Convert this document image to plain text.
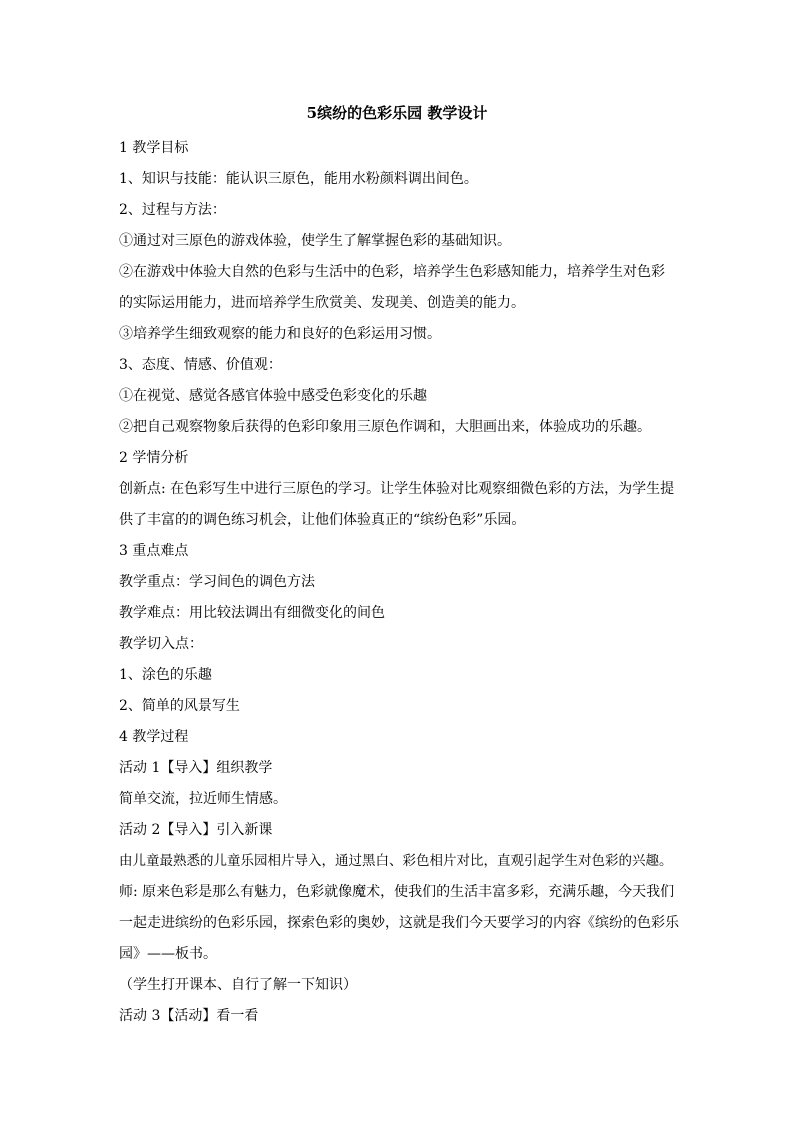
5缤纷的色彩乐园 教学设计
1 教学目标
1、知识与技能：能认识三原色，能用水粉颜料调出间色。
2、过程与方法：
①通过对三原色的游戏体验，使学生了解掌握色彩的基础知识。
②在游戏中体验大自然的色彩与生活中的色彩，培养学生色彩感知能力，培养学生对色彩
的实际运用能力，进而培养学生欣赏美、发现美、创造美的能力。
③培养学生细致观察的能力和良好的色彩运用习惯。
3、态度、情感、价值观：
①在视觉、感觉各感官体验中感受色彩变化的乐趣
②把自己观察物象后获得的色彩印象用三原色作调和，大胆画出来，体验成功的乐趣。
2 学情分析
创新点: 在色彩写生中进行三原色的学习。让学生体验对比观察细微色彩的方法，为学生提
供了丰富的的调色练习机会，让他们体验真正的“缤纷色彩”乐园。
3 重点难点
教学重点：学习间色的调色方法
教学难点：用比较法调出有细微变化的间色
教学切入点：
1、涂色的乐趣
2、简单的风景写生
4 教学过程
活动 1【导入】组织教学
简单交流，拉近师生情感。
活动 2【导入】引入新课
由儿童最熟悉的儿童乐园相片导入，通过黑白、彩色相片对比，直观引起学生对色彩的兴趣。
师: 原来色彩是那么有魅力，色彩就像魔术，使我们的生活丰富多彩，充满乐趣，今天我们
一起走进缤纷的色彩乐园，探索色彩的奥妙，这就是我们今天要学习的内容《缤纷的色彩乐
园》——板书。
（学生打开课本、自行了解一下知识）
活动 3【活动】看一看
